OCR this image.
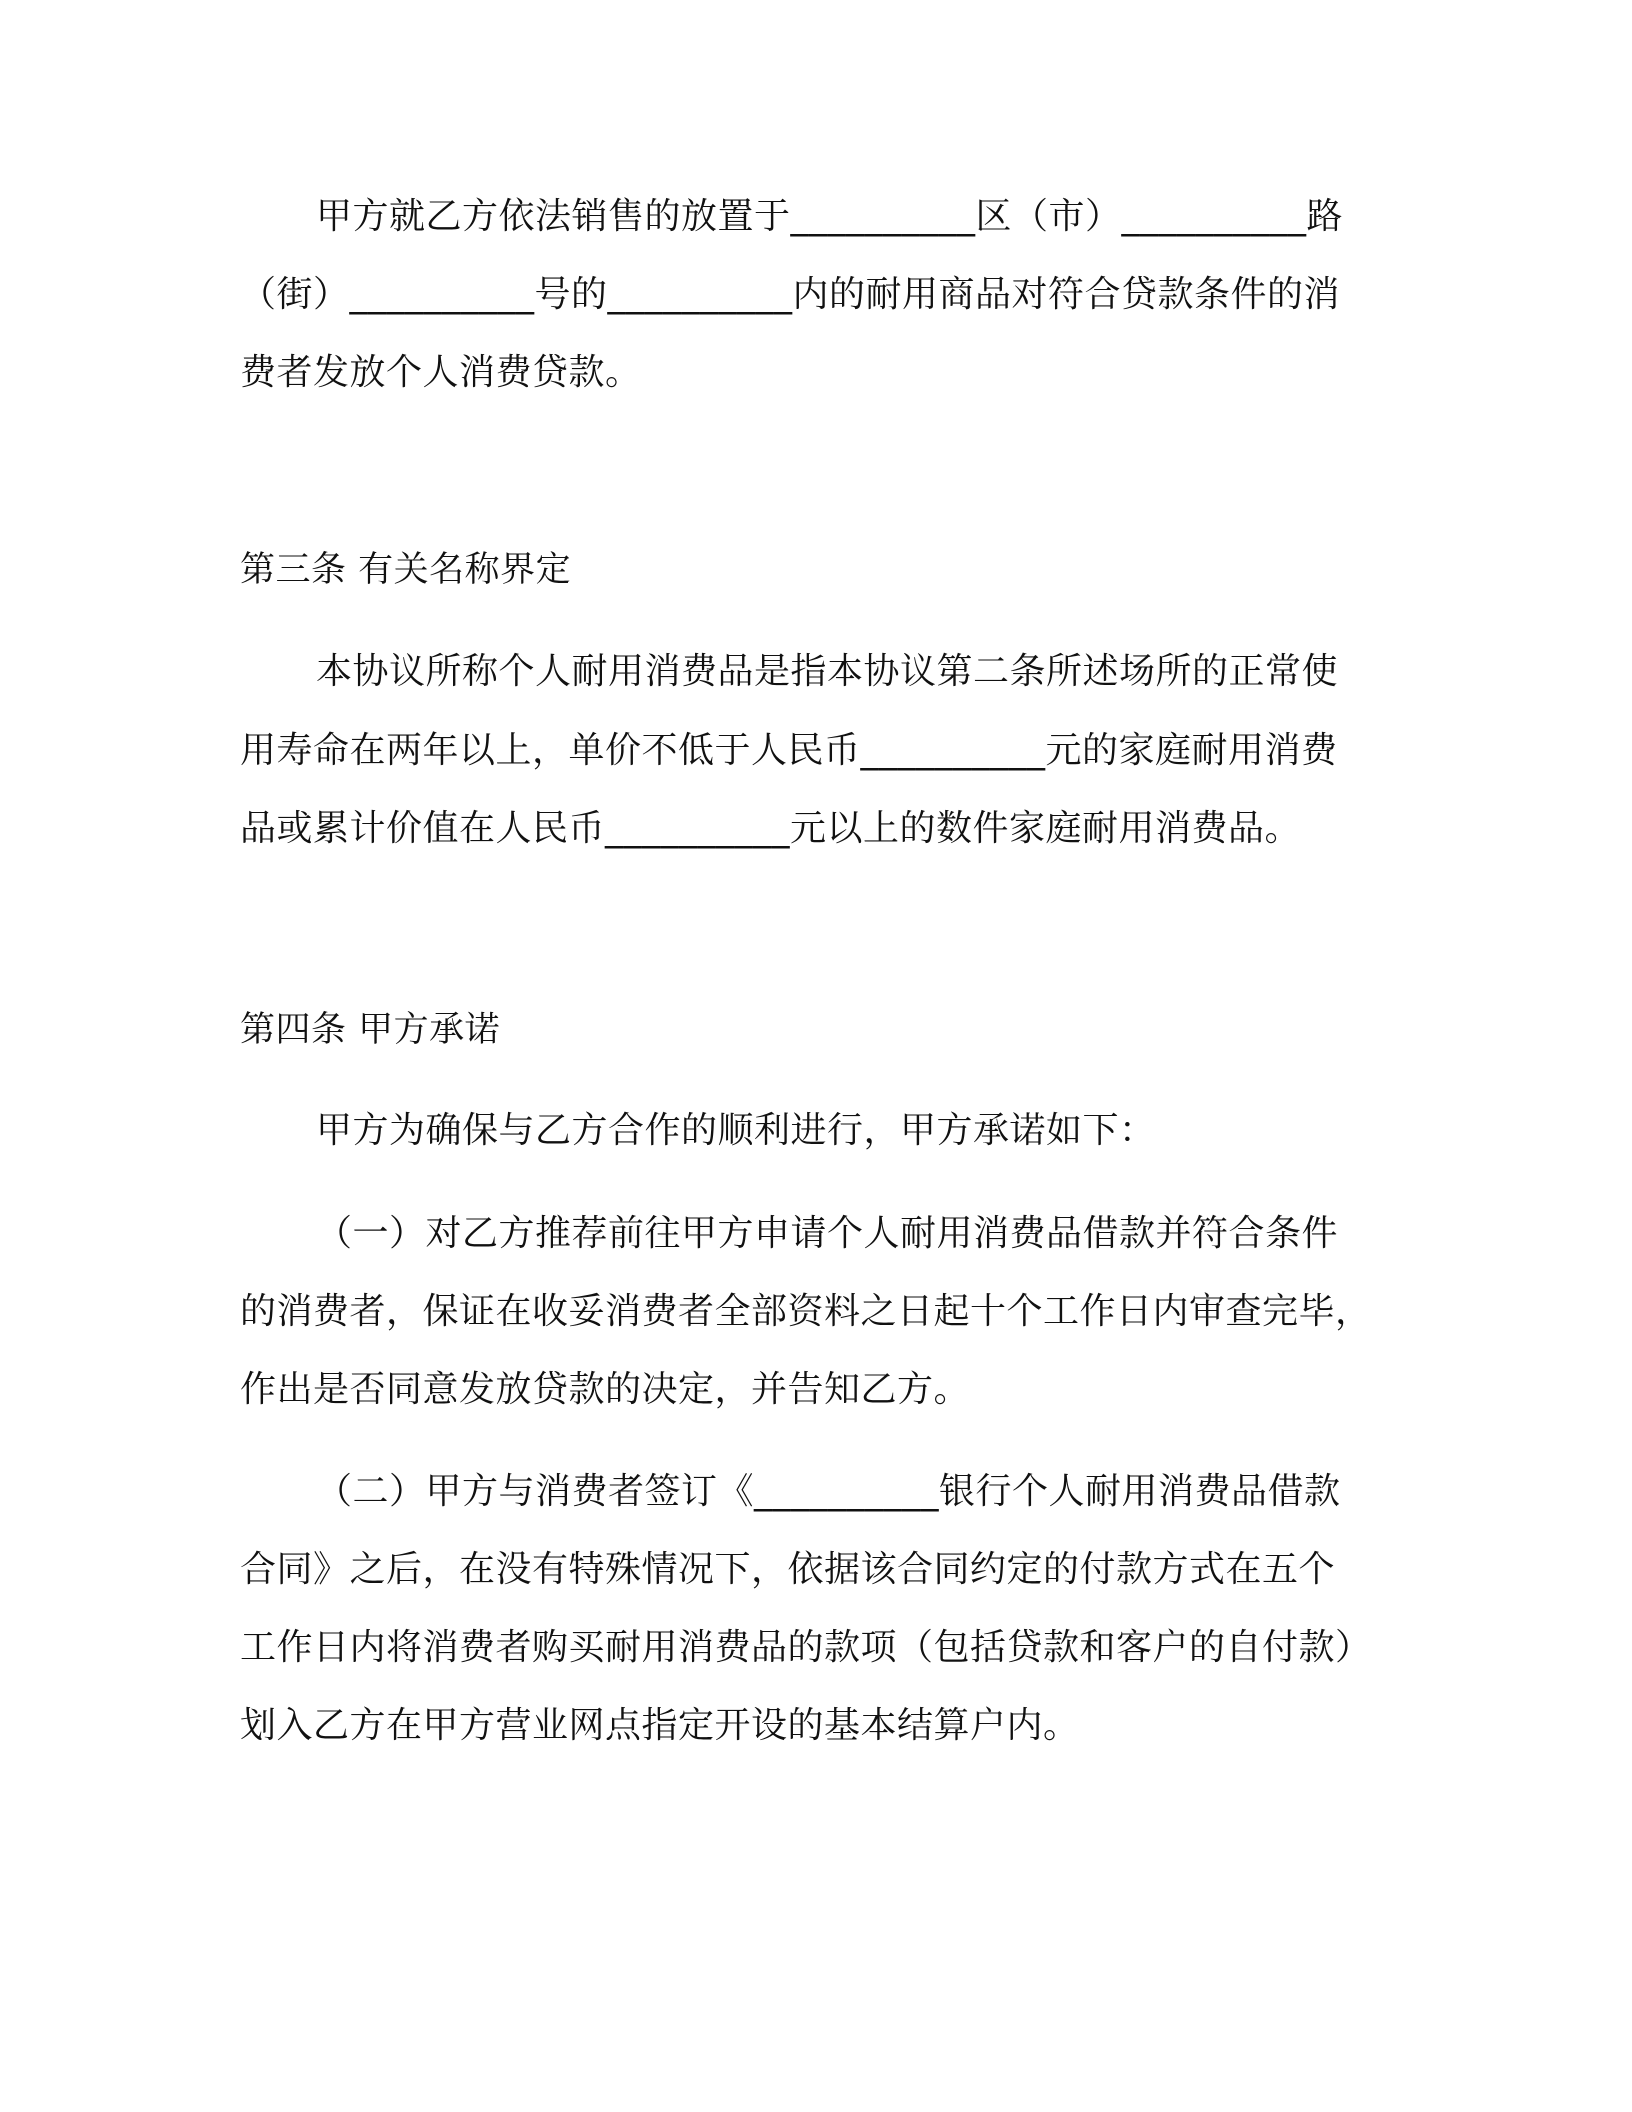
甲方就乙方依法销售的放置于__________区（市）__________路
（街）__________号的__________内的耐用商品对符合贷款条件的消
费者发放个人消费贷款。
第三条 有关名称界定
本协议所称个人耐用消费品是指本协议第二条所述场所的正常使
用寿命在两年以上，单价不低于人民币__________元的家庭耐用消费
品或累计价值在人民币__________元以上的数件家庭耐用消费品。
第四条 甲方承诺
甲方为确保与乙方合作的顺利进行，甲方承诺如下：
（一）对乙方推荐前往甲方申请个人耐用消费品借款并符合条件
的消费者，保证在收妥消费者全部资料之日起十个工作日内审查完毕，
作出是否同意发放贷款的决定，并告知乙方。
（二）甲方与消费者签订《__________银行个人耐用消费品借款
合同》之后，在没有特殊情况下，依据该合同约定的付款方式在五个
工作日内将消费者购买耐用消费品的款项（包括贷款和客户的自付款）
划入乙方在甲方营业网点指定开设的基本结算户内。
